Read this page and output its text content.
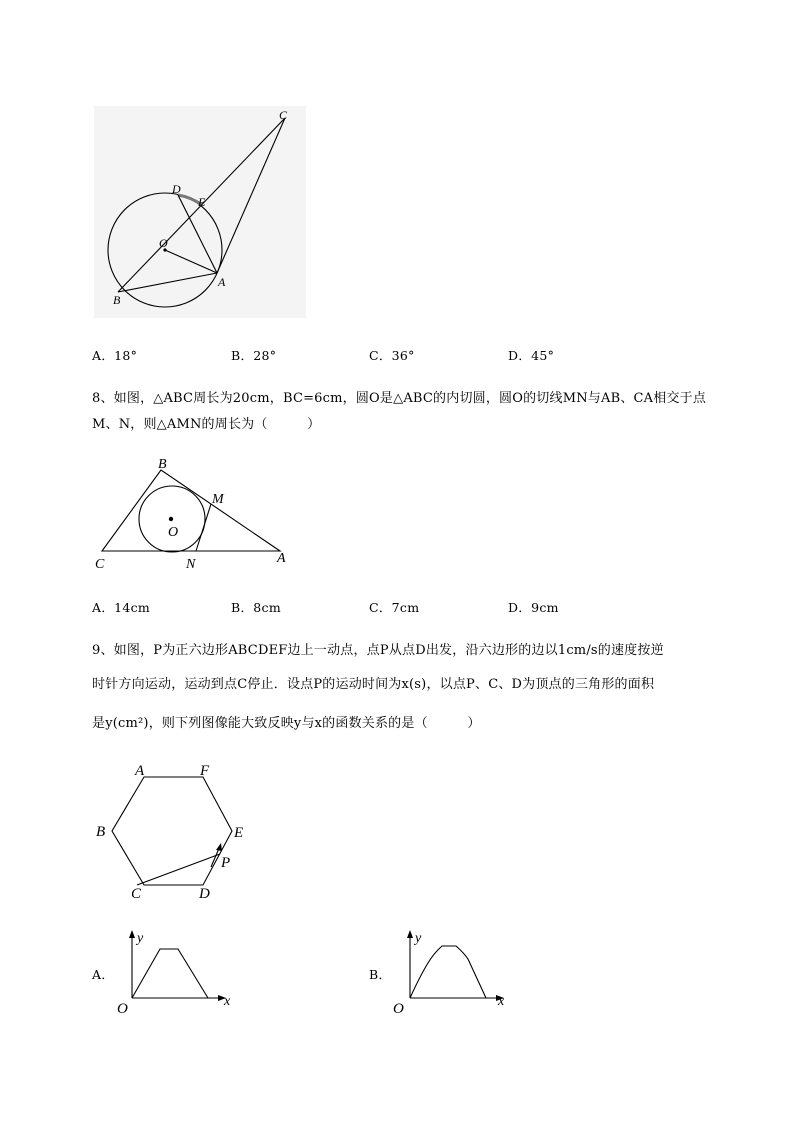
C
D
E
O
B
A
A．18°	B．28°	C．36°	D．45°
8、如图，△ABC周长为20cm，BC=6cm，圆O是△ABC的内切圆，圆O的切线MN与AB、CA相交于点
M、N，则△AMN的周长为（　　　）
B
M
O
C	N	A
A．14cm	B．8cm	C．7cm	D．9cm
9、如图，P为正六边形ABCDEF边上一动点，点P从点D出发，沿六边形的边以1cm/s的速度按逆
时针方向运动，运动到点C停止．设点P的运动时间为x(s)，以点P、C、D为顶点的三角形的面积
是y(cm²)，则下列图像能大致反映y与x的函数关系的是（　　　）
A	F
B	E
P
C	D
A．
y
x
O
B．
y
x
O
